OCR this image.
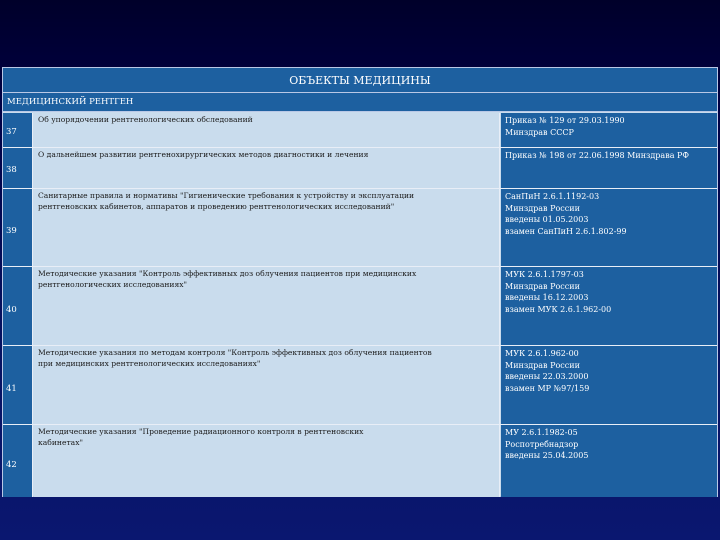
ОБЪЕКТЫ МЕДИЦИНЫ
МЕДИЦИНСКИЙ РЕНТГЕН
37
Об упорядочении рентгенологических обследований	Приказ № 129 от 29.03.1990
Минздрав СССР
38
О дальнейшем развитии рентгенохирургических методов диагностики и лечения	Приказ № 198 от 22.06.1998 Минздрава РФ
39
Санитарные правила и нормативы "Гигиенические требования к устройству и эксплуатации
рентгеновских кабинетов, аппаратов и проведению рентгенологических исследований"
СанПиН 2.6.1.1192-03
Минздрав России
введены 01.05.2003
взамен СанПиН 2.6.1.802-99
40
Методические указания "Контроль эффективных доз облучения пациентов при медицинских
рентгенологических исследованиях"
МУК 2.6.1.1797-03
Минздрав России
введены 16.12.2003
взамен МУК 2.6.1.962-00
41
Методические указания по методам контроля "Контроль эффективных доз облучения пациентов
при медицинских рентгенологических исследованиях"
МУК 2.6.1.962-00
Минздрав России
введены 22.03.2000
взамен МР №97/159
42
Методические указания "Проведение радиационного контроля в рентгеновских
кабинетах"
МУ 2.6.1.1982-05
Роспотребнадзор
введены 25.04.2005
